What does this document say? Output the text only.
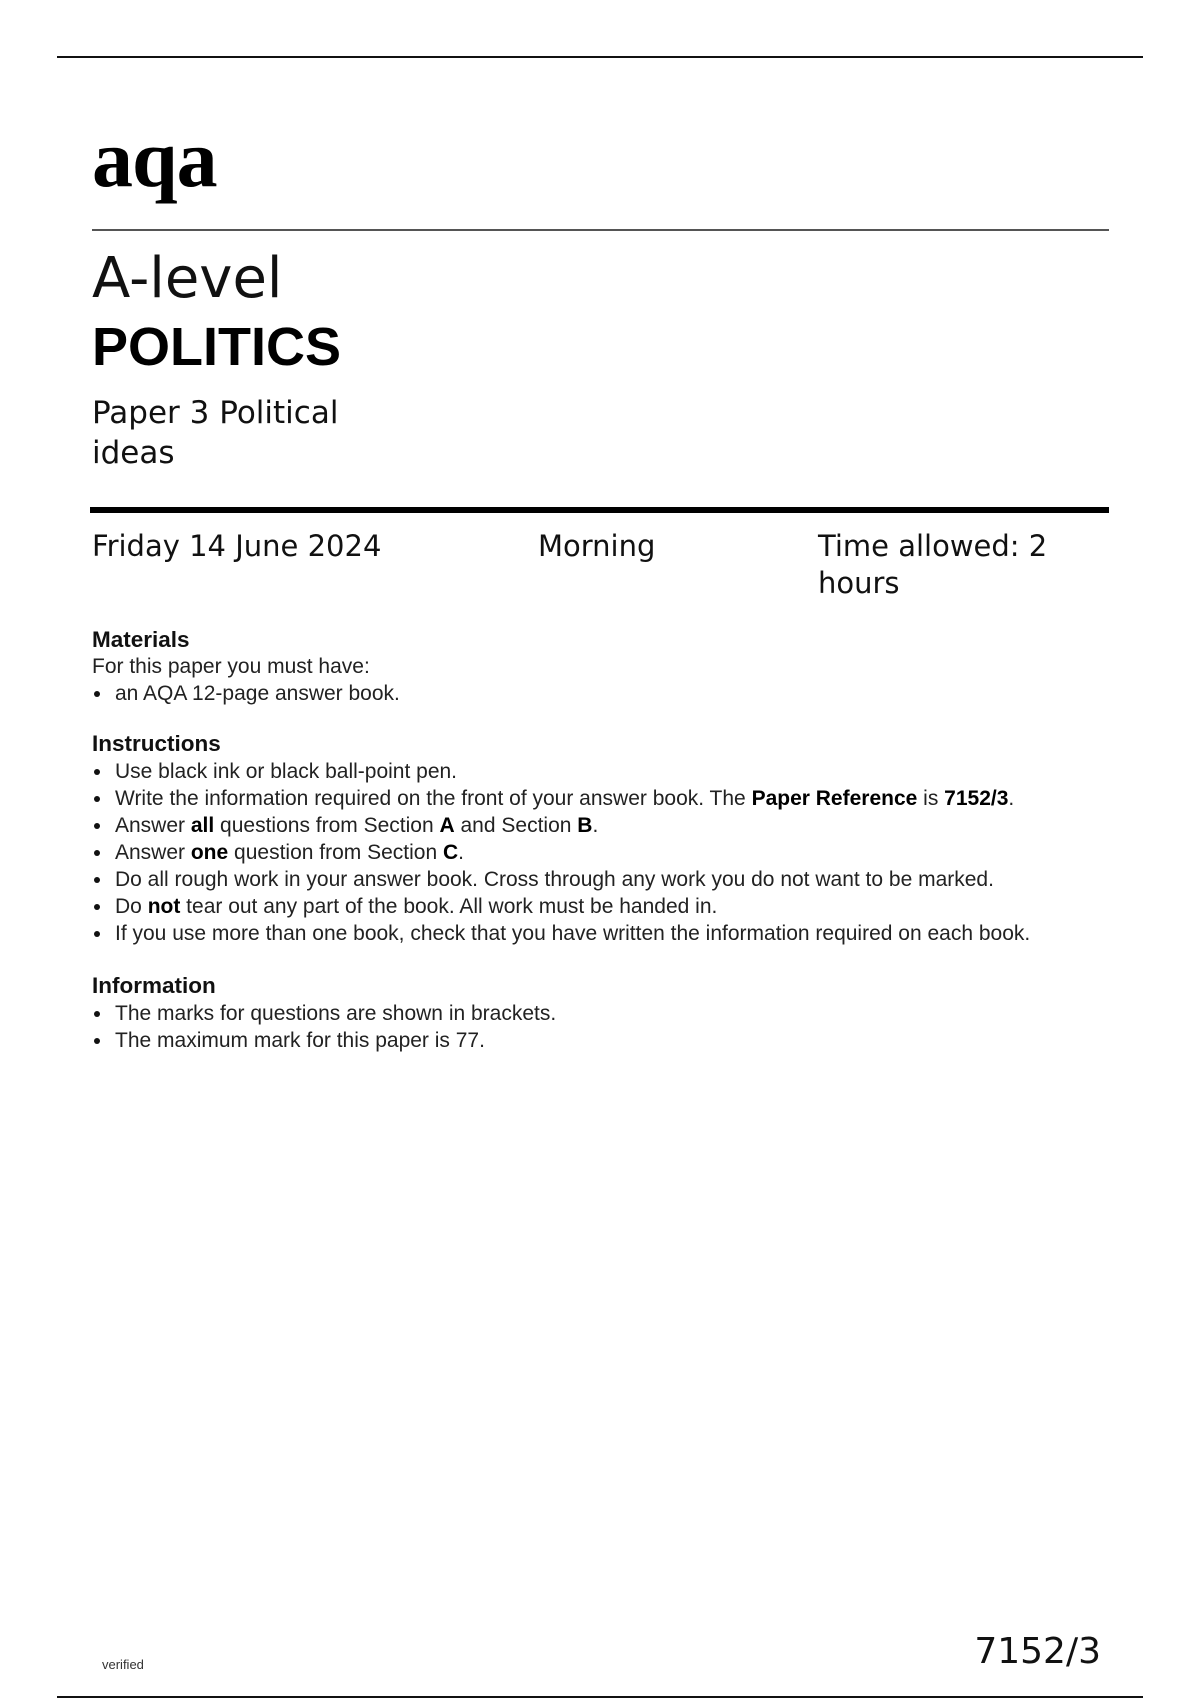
aqa
A-level
POLITICS
Paper 3 Political ideas
Friday 14 June 2024	Morning	Time allowed: 2 hours
Materials

For this paper you must have:

an AQA 12-page answer book.
Instructions
Use black ink or black ball-point pen.
Write the information required on the front of your answer book. The Paper Reference is 7152/3.
Answer all questions from Section A and Section B.
Answer one question from Section C.
Do all rough work in your answer book. Cross through any work you do not want to be marked.
Do not tear out any part of the book. All work must be handed in.
If you use more than one book, check that you have written the information required on each book.
Information
The marks for questions are shown in brackets.
The maximum mark for this paper is 77.
verified	7152/3
